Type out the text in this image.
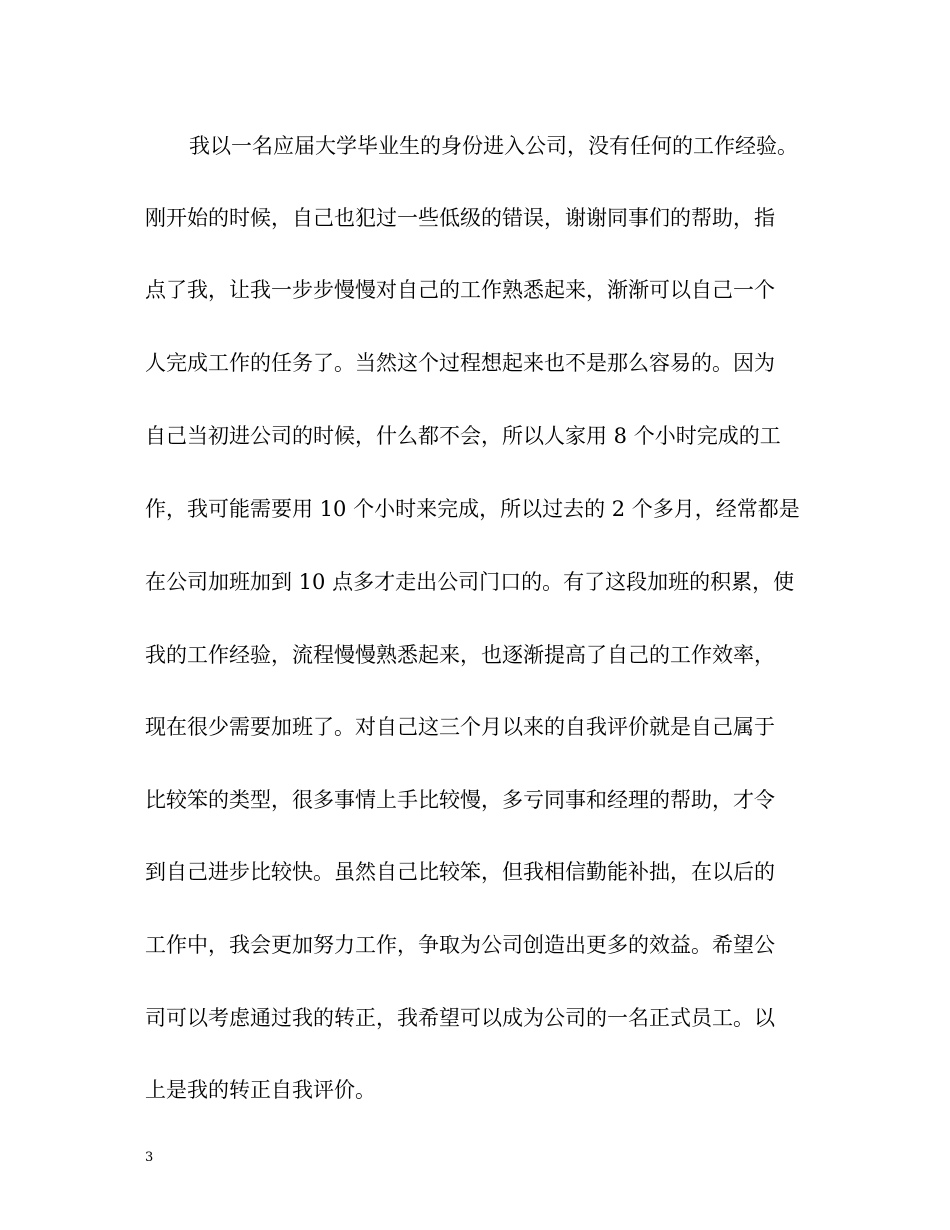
我以一名应届大学毕业生的身份进入公司，没有任何的工作经验。
刚开始的时候，自己也犯过一些低级的错误，谢谢同事们的帮助，指
点了我，让我一步步慢慢对自己的工作熟悉起来，渐渐可以自己一个
人完成工作的任务了。当然这个过程想起来也不是那么容易的。因为
自己当初进公司的时候，什么都不会，所以人家用 8 个小时完成的工
作，我可能需要用 10 个小时来完成，所以过去的 2 个多月，经常都是
在公司加班加到 10 点多才走出公司门口的。有了这段加班的积累，使
我的工作经验，流程慢慢熟悉起来，也逐渐提高了自己的工作效率，
现在很少需要加班了。对自己这三个月以来的自我评价就是自己属于
比较笨的类型，很多事情上手比较慢，多亏同事和经理的帮助，才令
到自己进步比较快。虽然自己比较笨，但我相信勤能补拙，在以后的
工作中，我会更加努力工作，争取为公司创造出更多的效益。希望公
司可以考虑通过我的转正，我希望可以成为公司的一名正式员工。以
上是我的转正自我评价。
3
